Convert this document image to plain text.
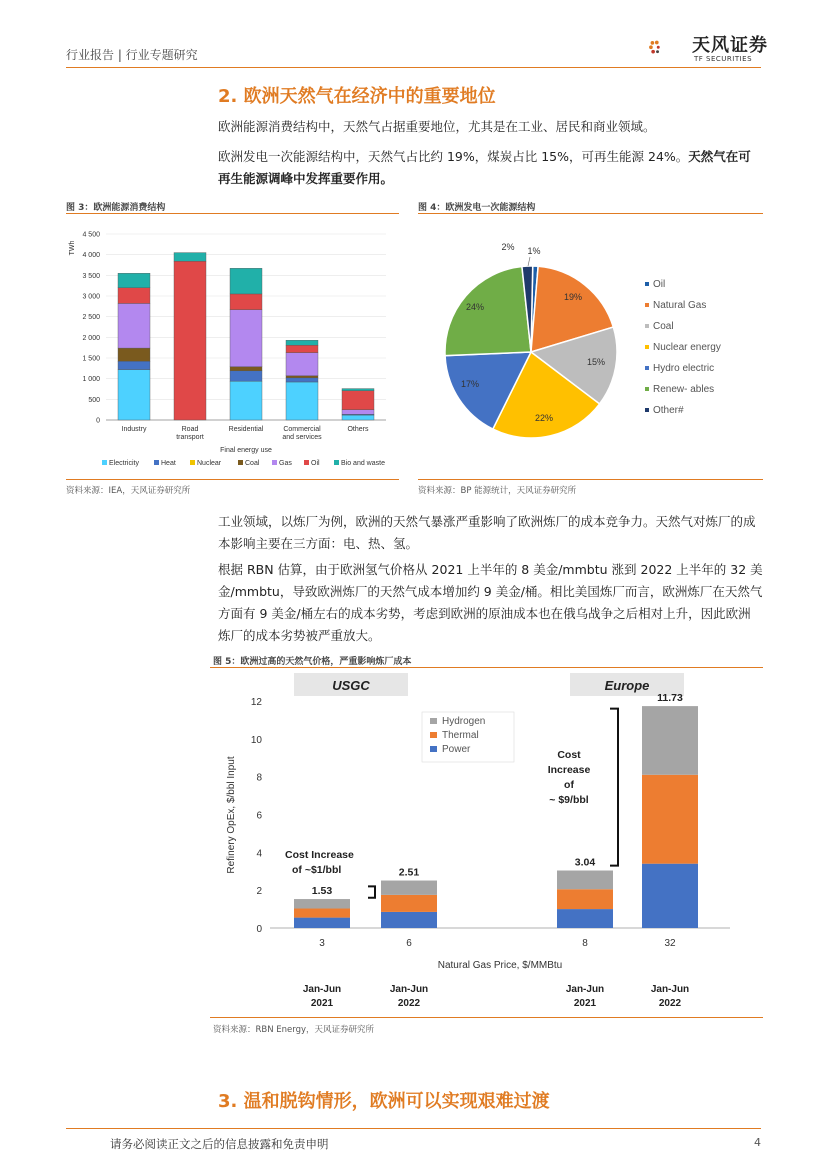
行业报告 | 行业专题研究	天风证券
TF SECURITIES
2. 欧洲天然气在经济中的重要地位
欧洲能源消费结构中，天然气占据重要地位，尤其是在工业、居民和商业领域。
欧洲发电一次能源结构中，天然气占比约 19%，煤炭占比 15%，可再生能源 24%。天然气在可再生能源调峰中发挥重要作用。
图 3：欧洲能源消费结构
TWh
0
500
1 000
1 500
2 000
2 500
3 000
3 500
4 000
4 500
Industry	Road
transport
Residential	Commercial
and services
Others
Final energy use
Electricity	Heat	Nuclear	Coal	Gas	Oil	Bio and waste
资料来源：IEA，天风证券研究所
图 4：欧洲发电一次能源结构
1%
19%
15%
22%
17%
24%
2%
Oil
Natural Gas
Coal
Nuclear energy
Hydro electric
Renew- ables
Other#
资料来源：BP 能源统计，天风证券研究所
工业领域，以炼厂为例，欧洲的天然气暴涨严重影响了欧洲炼厂的成本竞争力。天然气对炼厂的成本影响主要在三方面：电、热、氢。
根据 RBN 估算，由于欧洲氢气价格从 2021 上半年的 8 美金/mmbtu 涨到 2022 上半年的 32 美金/mmbtu，导致欧洲炼厂的天然气成本增加约 9 美金/桶。相比美国炼厂而言，欧洲炼厂在天然气方面有 9 美金/桶左右的成本劣势，考虑到欧洲的原油成本也在俄乌战争之后相对上升，因此欧洲炼厂的成本劣势被严重放大。
图 5：欧洲过高的天然气价格，严重影响炼厂成本
USGC	Europe
0
2
4
6
8
10
12
Refinery OpEx, $/bbl Input
1.53
3
Jan-Jun
2021
2.51
6
Jan-Jun
2022
3.04
8
Jan-Jun
2021
11.73
32
Jan-Jun
2022
Natural Gas Price, $/MMBtu
Hydrogen
Thermal
Power
Cost Increase
of ~$1/bbl
Cost
Increase
of
~ $9/bbl
资料来源：RBN Energy，天风证券研究所
3. 温和脱钩情形，欧洲可以实现艰难过渡
请务必阅读正文之后的信息披露和免责申明	4
